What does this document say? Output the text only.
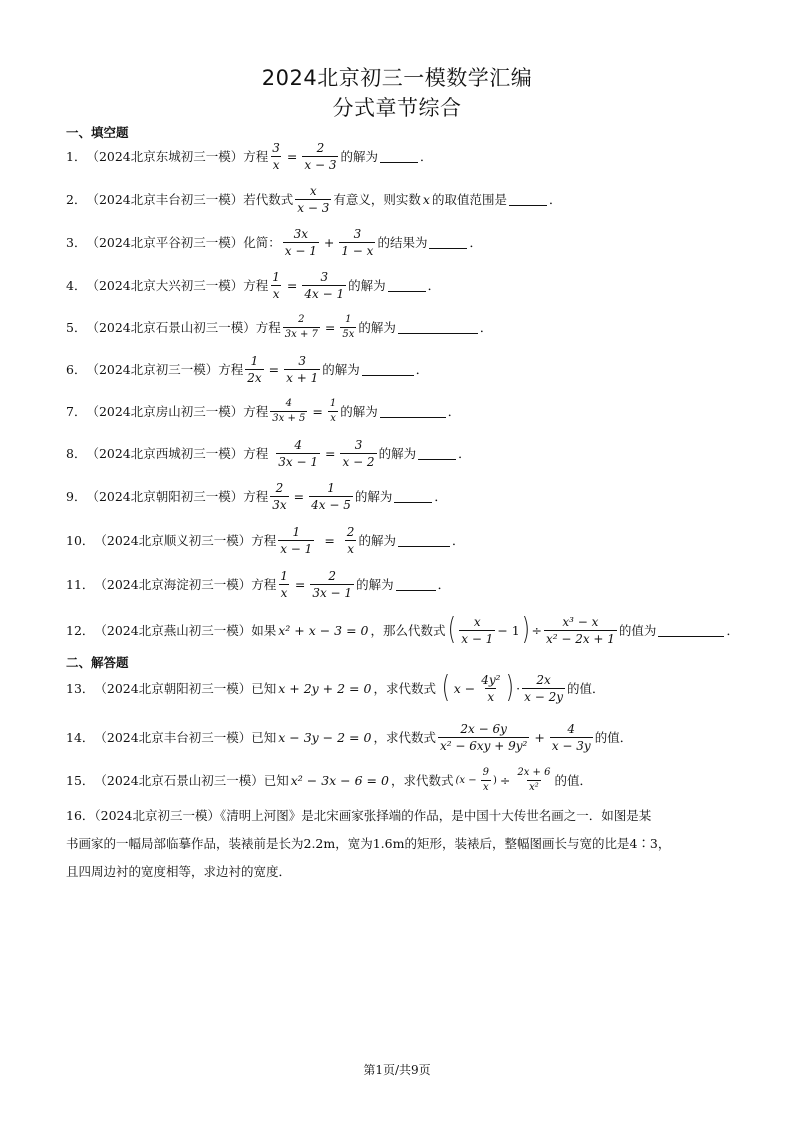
2024北京初三一模数学汇编
分式章节综合
一、填空题
1． （2024北京东城初三一模）方程 $\frac{3}{x} = \frac{2}{x - 3}$ 的解为	．
2． （2024北京丰台初三一模）若代数式 $\frac{x}{x - 3}$ 有意义，则实数 x 的取值范围是	．
3． （2024北京平谷初三一模）化简： $\frac{3x}{x - 1} + \frac{3}{1 - x}$ 的结果为	．
4． （2024北京大兴初三一模）方程 $\frac{1}{x} = \frac{3}{4x - 1}$ 的解为	．
5． （2024北京石景山初三一模）方程 $\frac{2}{3x + 7} = \frac{1}{5x}$ 的解为	．
6． （2024北京初三一模）方程 $\frac{1}{2x} = \frac{3}{x + 1}$ 的解为	．
7． （2024北京房山初三一模）方程 $\frac{4}{3x + 5} = \frac{1}{x}$ 的解为	．
8． （2024北京西城初三一模）方程 $\frac{4}{3x - 1} = \frac{3}{x - 2}$ 的解为	．
9． （2024北京朝阳初三一模）方程 $\frac{2}{3x} = \frac{1}{4x - 5}$ 的解为	．
10． （2024北京顺义初三一模）方程 $\frac{1}{x - 1} = \frac{2}{x}$ 的解为	．
11． （2024北京海淀初三一模）方程 $\frac{1}{x} = \frac{2}{3x - 1}$ 的解为	．
12． （2024北京燕山初三一模）如果 x² + x − 3 = 0 ，那么代数式 ( $\frac{x}{x - 1} - 1$ ) ÷ $\frac{\text{x³ − x}}{\text{x² − 2x + 1}}$ 的值为	．
二、解答题
13． （2024北京朝阳初三一模）已知 x + 2y + 2 = 0 ，求代数式 ( $x - \frac{\text{4y²}}{x}$ ) · $\frac{2x}{x - 2y}$ 的值．
14． （2024北京丰台初三一模）已知 x − 3y − 2 = 0 ，求代数式 $\frac{2x - 6y}{\text{x² − 6xy + 9y²}} + \frac{4}{x - 3y}$ 的值．
15． （2024北京石景山初三一模）已知 x² − 3x − 6 = 0 ，求代数式 ($x - \frac{9}{x}$ ) ÷ $\frac{2x + 6}{\text{x²}}$ 的值．
16．（2024北京初三一模）《清明上河图》是北宋画家张择端的作品，是中国十大传世名画之一．如图是某
书画家的一幅局部临摹作品，装裱前是长为2.2m，宽为1.6m的矩形，装裱后，整幅图画长与宽的比是4∶3，
且四周边衬的宽度相等，求边衬的宽度．
第1页/共9页
